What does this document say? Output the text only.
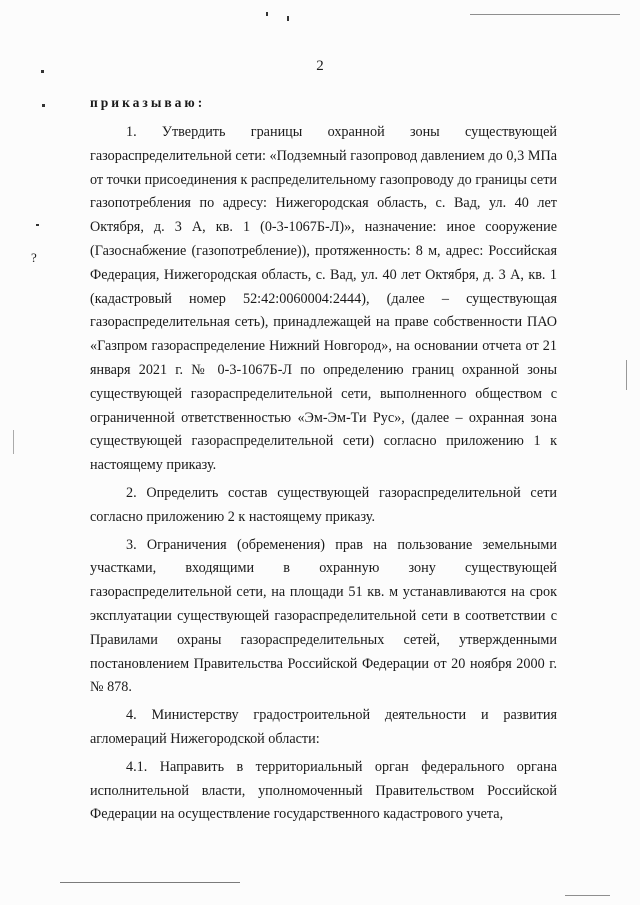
?
2
приказываю:

1. Утвердить границы охранной зоны существующей газораспределительной сети: «Подземный газопровод давлением до 0,3 МПа от точки присоединения к распределительному газопроводу до границы сети газопотребления по адресу: Нижегородская область, с. Вад, ул. 40 лет Октября, д. 3 А, кв. 1 (0-3-1067Б-Л)», назначение: иное сооружение (Газоснабжение (газопотребление)), протяженность: 8 м, адрес: Российская Федерация, Нижегородская область, с. Вад, ул. 40 лет Октября, д. 3 А, кв. 1 (кадастровый номер 52:42:0060004:2444), (далее – существующая газораспределительная сеть), принадлежащей на праве собственности ПАО «Газпром газораспределение Нижний Новгород», на основании отчета от 21 января 2021 г. № 0-3-1067Б-Л по определению границ охранной зоны существующей газораспределительной сети, выполненного обществом с ограниченной ответственностью «Эм-Эм-Ти Рус», (далее – охранная зона существующей газораспределительной сети) согласно приложению 1 к настоящему приказу.

2. Определить состав существующей газораспределительной сети согласно приложению 2 к настоящему приказу.

3. Ограничения (обременения) прав на пользование земельными участками, входящими в охранную зону существующей газораспределительной сети, на площади 51 кв. м устанавливаются на срок эксплуатации существующей газораспределительной сети в соответствии с Правилами охраны газораспределительных сетей, утвержденными постановлением Правительства Российской Федерации от 20 ноября 2000 г. № 878.

4. Министерству градостроительной деятельности и развития агломераций Нижегородской области:

4.1. Направить в территориальный орган федерального органа исполнительной власти, уполномоченный Правительством Российской Федерации на осуществление государственного кадастрового учета,
